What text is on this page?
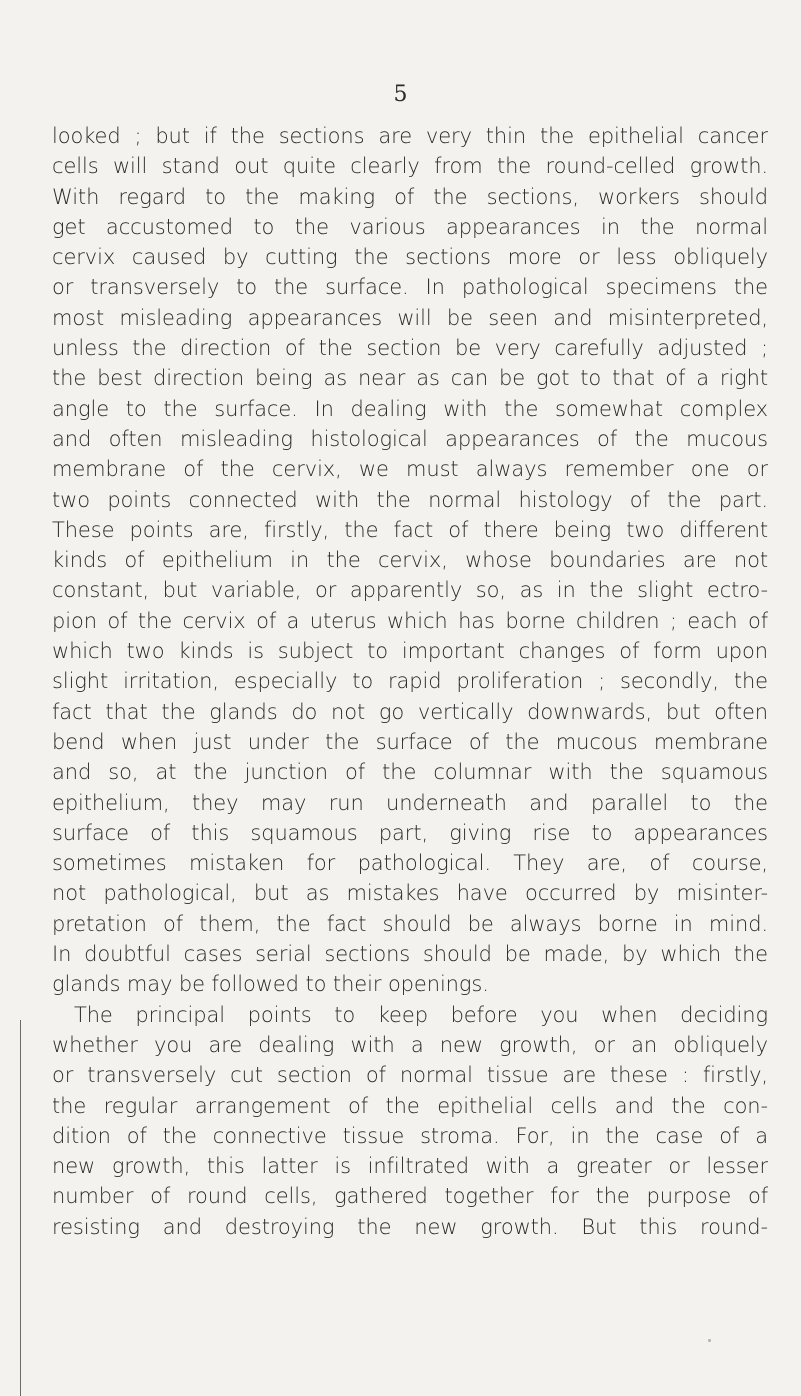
5
looked ; but if the sections are very thin the epithelial cancer
cells will stand out quite clearly from the round-celled growth.
With regard to the making of the sections, workers should
get accustomed to the various appearances in the normal
cervix caused by cutting the sections more or less obliquely
or transversely to the surface. In pathological specimens the
most misleading appearances will be seen and misinterpreted,
unless the direction of the section be very carefully adjusted ;
the best direction being as near as can be got to that of a right
angle to the surface. In dealing with the somewhat complex
and often misleading histological appearances of the mucous
membrane of the cervix, we must always remember one or
two points connected with the normal histology of the part.
These points are, firstly, the fact of there being two different
kinds of epithelium in the cervix, whose boundaries are not
constant, but variable, or apparently so, as in the slight ectro-
pion of the cervix of a uterus which has borne children ; each of
which two kinds is subject to important changes of form upon
slight irritation, especially to rapid proliferation ; secondly, the
fact that the glands do not go vertically downwards, but often
bend when just under the surface of the mucous membrane
and so, at the junction of the columnar with the squamous
epithelium, they may run underneath and parallel to the
surface of this squamous part, giving rise to appearances
sometimes mistaken for pathological. They are, of course,
not pathological, but as mistakes have occurred by misinter-
pretation of them, the fact should be always borne in mind.
In doubtful cases serial sections should be made, by which the
glands may be followed to their openings.
The principal points to keep before you when deciding
whether you are dealing with a new growth, or an obliquely
or transversely cut section of normal tissue are these : firstly,
the regular arrangement of the epithelial cells and the con-
dition of the connective tissue stroma. For, in the case of a
new growth, this latter is infiltrated with a greater or lesser
number of round cells, gathered together for the purpose of
resisting and destroying the new growth. But this round-
